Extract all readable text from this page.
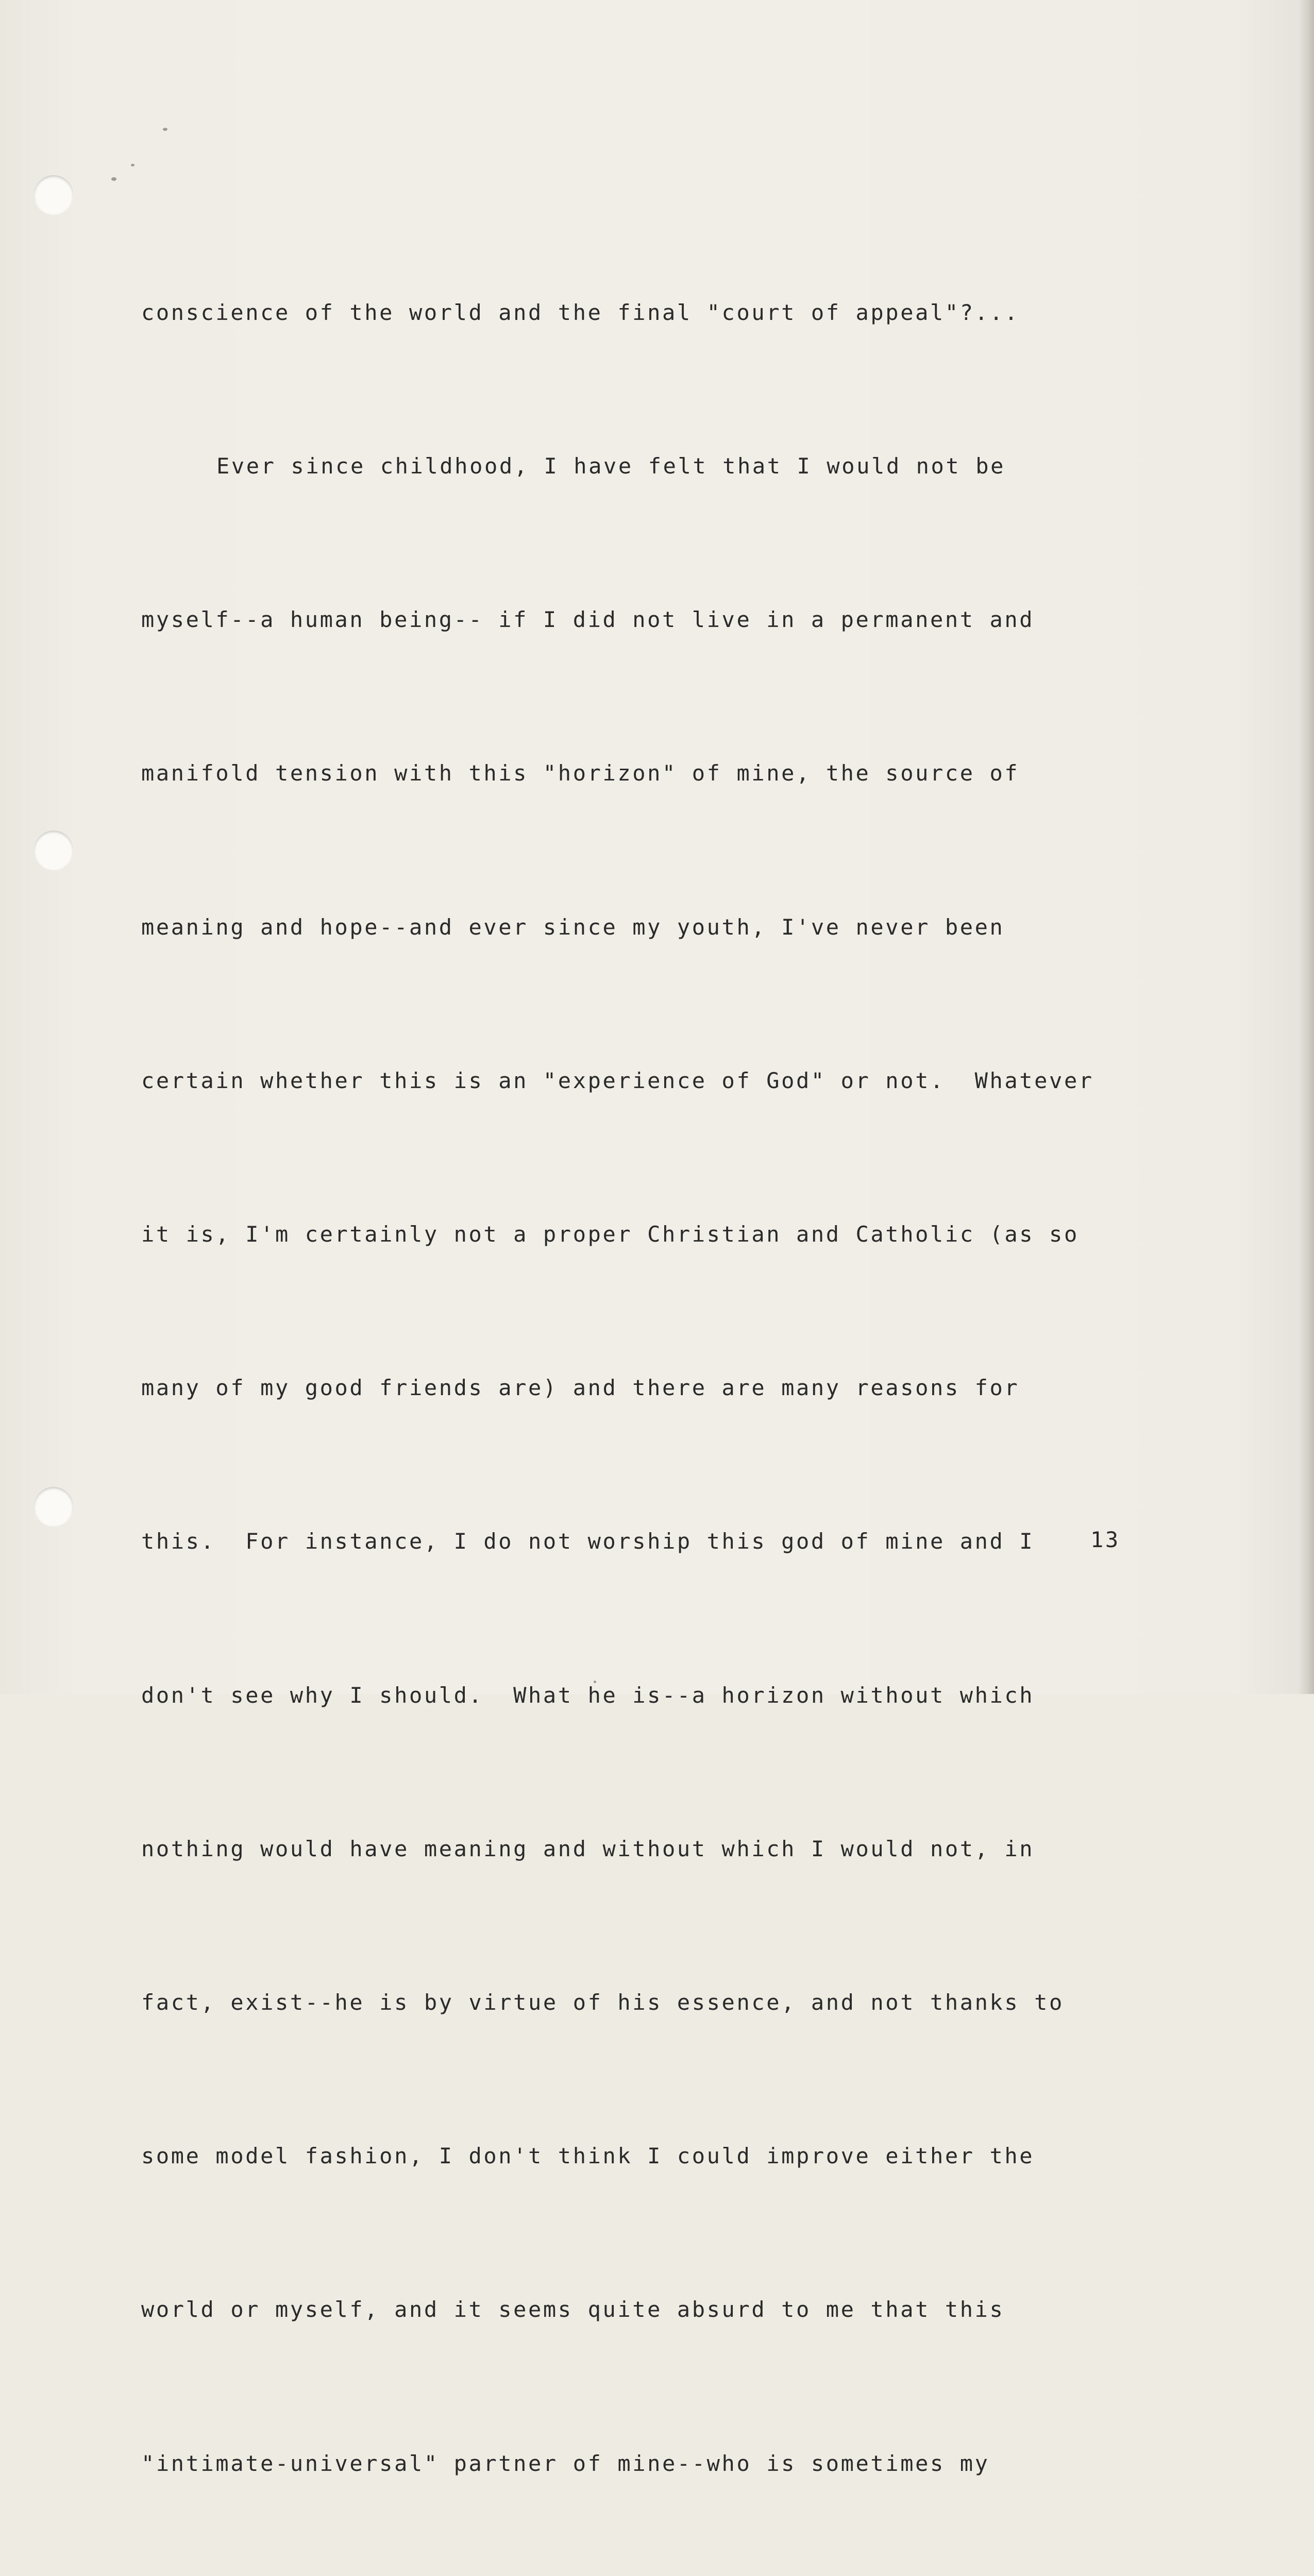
conscience of the world and the final "court of appeal"?...

Ever since childhood, I have felt that I would not be

myself--a human being-- if I did not live in a permanent and

manifold tension with this "horizon" of mine, the source of

meaning and hope--and ever since my youth, I've never been

certain whether this is an "experience of God" or not.  Whatever

it is, I'm certainly not a proper Christian and Catholic (as so

many of my good friends are) and there are many reasons for

this.  For instance, I do not worship this god of mine and I

don't see why I should.  What he is--a horizon without which

nothing would have meaning and without which I would not, in

fact, exist--he is by virtue of his essence, and not thanks to

some model fashion, I don't think I could improve either the

world or myself, and it seems quite absurd to me that this

"intimate-universal" partner of mine--who is sometimes my

13
